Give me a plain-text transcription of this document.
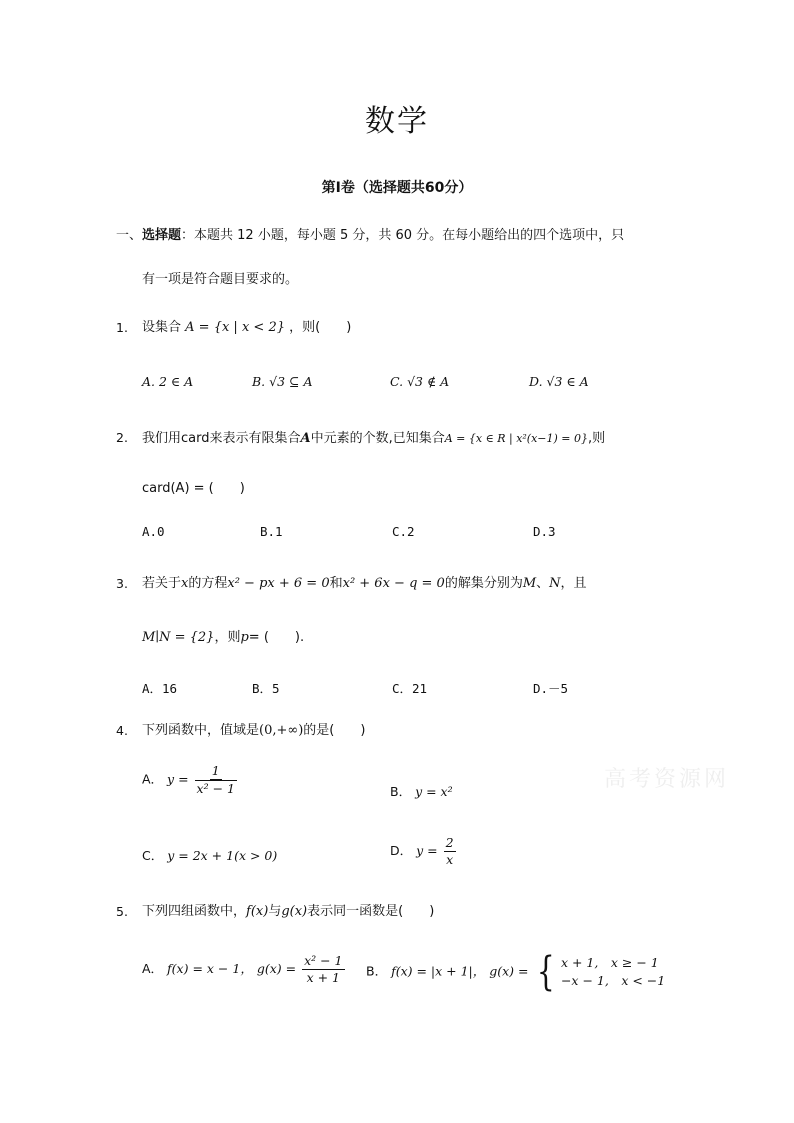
数学
第Ⅰ卷（选择题共60分）
一、选择题：本题共 12 小题，每小题 5 分，共 60 分。在每小题给出的四个选项中，只
有一项是符合题目要求的。
1. 设集合 A = {x | x < 2} ，则(　　)
A. 2 ∈ A	B. √3 ⊆ A	C. √3 ∉ A	D. √3 ∈ A
2. 我们用card来表示有限集合A中元素的个数,已知集合A = {x ∈ R | x²(x−1) = 0},则
card(A) = (　　)
A.0	B.1	C.2	D.3
3. 若关于x的方程x² − px + 6 = 0和x² + 6x − q = 0的解集分别为M、N，且
M∣N = {2}，则p= (　　).
A．16	B．5	C．21	D.－5
4. 下列函数中，值域是(0,+∞)的是(　　)
A． $y = \frac{1}{\text{x² − 1}}$	B． y = x²
C． y = 2x + 1(x > 0)	D． $y = \frac{2}{x}$
5. 下列四组函数中，f(x)与g(x)表示同一函数是(　　)
A． f(x) = x − 1， $g(x) = \frac{\text{x² − 1}}{x + 1}$ B． f(x) = |x + 1|， g(x) = { x + 1,　x ≥ − 1
−x − 1,　x < −1
高考资源网
